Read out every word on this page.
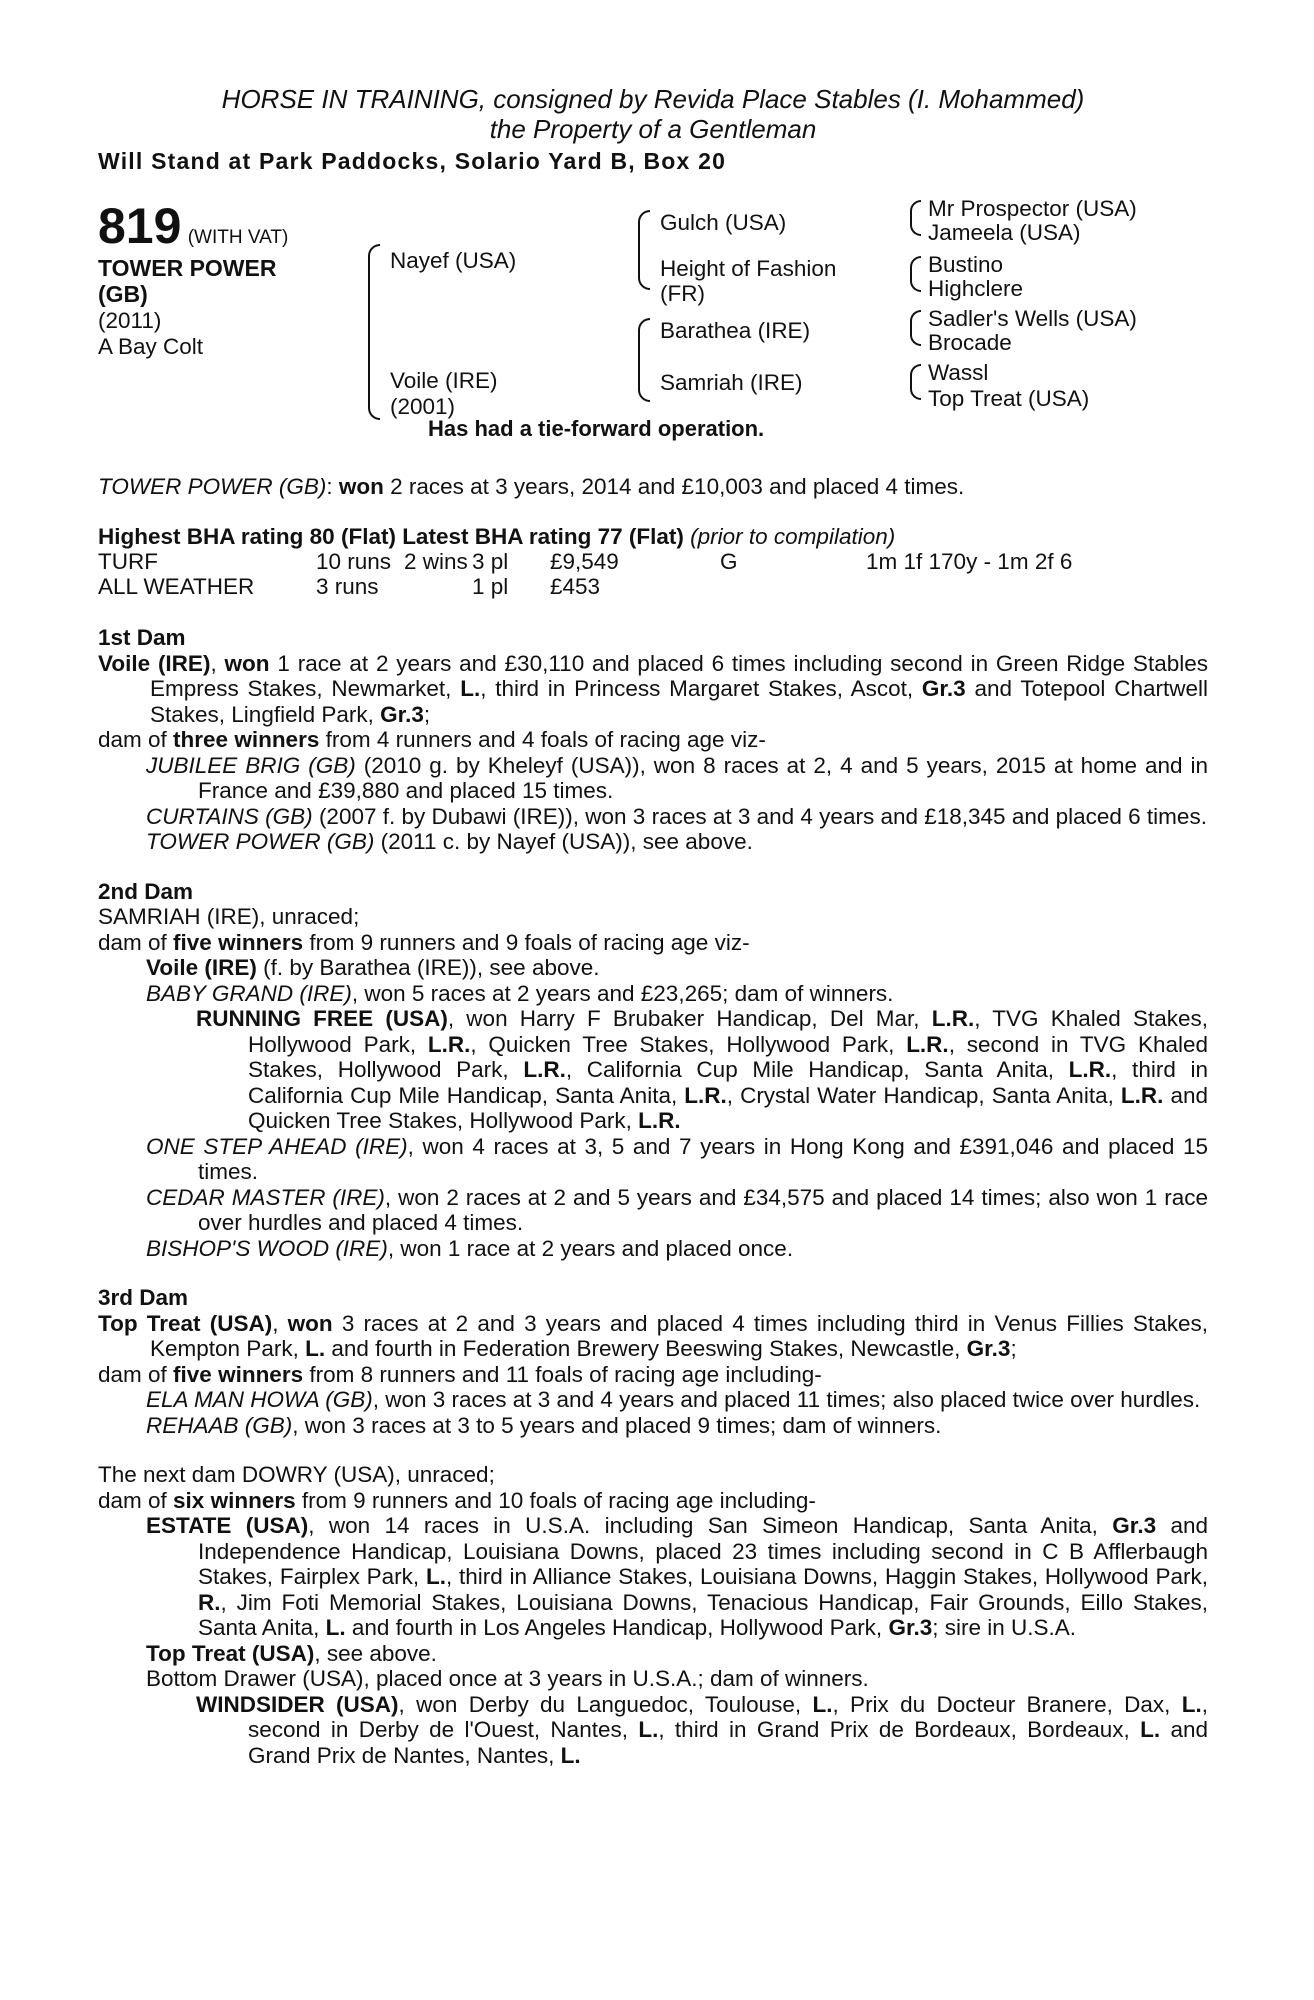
HORSE IN TRAINING, consigned by Revida Place Stables (I. Mohammed)
the Property of a Gentleman
Will Stand at Park Paddocks, Solario Yard B, Box 20
819 (WITH VAT)
TOWER POWER
(GB)
(2011)
A Bay Colt
Nayef (USA)
Voile (IRE)
(2001)
Gulch (USA)
Height of Fashion
(FR)
Barathea (IRE)
Samriah (IRE)
Mr Prospector (USA)
Jameela (USA)
Bustino
Highclere
Sadler's Wells (USA)
Brocade
Wassl
Top Treat (USA)
Has had a tie-forward operation.

TOWER POWER (GB): won 2 races at 3 years, 2014 and £10,003 and placed 4 times.

Highest BHA rating 80 (Flat) Latest BHA rating 77 (Flat) (prior to compilation)

TURF	10 runs	2 wins	3 pl	£9,549	G	1m 1f 170y - 1m 2f 6
ALL WEATHER	3 runs		1 pl	£453		
1st Dam

Voile (IRE), won 1 race at 2 years and £30,110 and placed 6 times including second in Green Ridge Stables Empress Stakes, Newmarket, L., third in Princess Margaret Stakes, Ascot, Gr.3 and Totepool Chartwell Stakes, Lingfield Park, Gr.3;

dam of three winners from 4 runners and 4 foals of racing age viz-

JUBILEE BRIG (GB) (2010 g. by Kheleyf (USA)), won 8 races at 2, 4 and 5 years, 2015 at home and in France and £39,880 and placed 15 times.

CURTAINS (GB) (2007 f. by Dubawi (IRE)), won 3 races at 3 and 4 years and £18,345 and placed 6 times.

TOWER POWER (GB) (2011 c. by Nayef (USA)), see above.

2nd Dam

SAMRIAH (IRE), unraced;

dam of five winners from 9 runners and 9 foals of racing age viz-

Voile (IRE) (f. by Barathea (IRE)), see above.

BABY GRAND (IRE), won 5 races at 2 years and £23,265; dam of winners.

RUNNING FREE (USA), won Harry F Brubaker Handicap, Del Mar, L.R., TVG Khaled Stakes, Hollywood Park, L.R., Quicken Tree Stakes, Hollywood Park, L.R., second in TVG Khaled Stakes, Hollywood Park, L.R., California Cup Mile Handicap, Santa Anita, L.R., third in California Cup Mile Handicap, Santa Anita, L.R., Crystal Water Handicap, Santa Anita, L.R. and Quicken Tree Stakes, Hollywood Park, L.R.

ONE STEP AHEAD (IRE), won 4 races at 3, 5 and 7 years in Hong Kong and £391,046 and placed 15 times.

CEDAR MASTER (IRE), won 2 races at 2 and 5 years and £34,575 and placed 14 times; also won 1 race over hurdles and placed 4 times.

BISHOP'S WOOD (IRE), won 1 race at 2 years and placed once.

3rd Dam

Top Treat (USA), won 3 races at 2 and 3 years and placed 4 times including third in Venus Fillies Stakes, Kempton Park, L. and fourth in Federation Brewery Beeswing Stakes, Newcastle, Gr.3;

dam of five winners from 8 runners and 11 foals of racing age including-

ELA MAN HOWA (GB), won 3 races at 3 and 4 years and placed 11 times; also placed twice over hurdles.

REHAAB (GB), won 3 races at 3 to 5 years and placed 9 times; dam of winners.

The next dam DOWRY (USA), unraced;

dam of six winners from 9 runners and 10 foals of racing age including-

ESTATE (USA), won 14 races in U.S.A. including San Simeon Handicap, Santa Anita, Gr.3 and Independence Handicap, Louisiana Downs, placed 23 times including second in C B Afflerbaugh Stakes, Fairplex Park, L., third in Alliance Stakes, Louisiana Downs, Haggin Stakes, Hollywood Park, R., Jim Foti Memorial Stakes, Louisiana Downs, Tenacious Handicap, Fair Grounds, Eillo Stakes, Santa Anita, L. and fourth in Los Angeles Handicap, Hollywood Park, Gr.3; sire in U.S.A.

Top Treat (USA), see above.

Bottom Drawer (USA), placed once at 3 years in U.S.A.; dam of winners.

WINDSIDER (USA), won Derby du Languedoc, Toulouse, L., Prix du Docteur Branere, Dax, L., second in Derby de l'Ouest, Nantes, L., third in Grand Prix de Bordeaux, Bordeaux, L. and Grand Prix de Nantes, Nantes, L.
